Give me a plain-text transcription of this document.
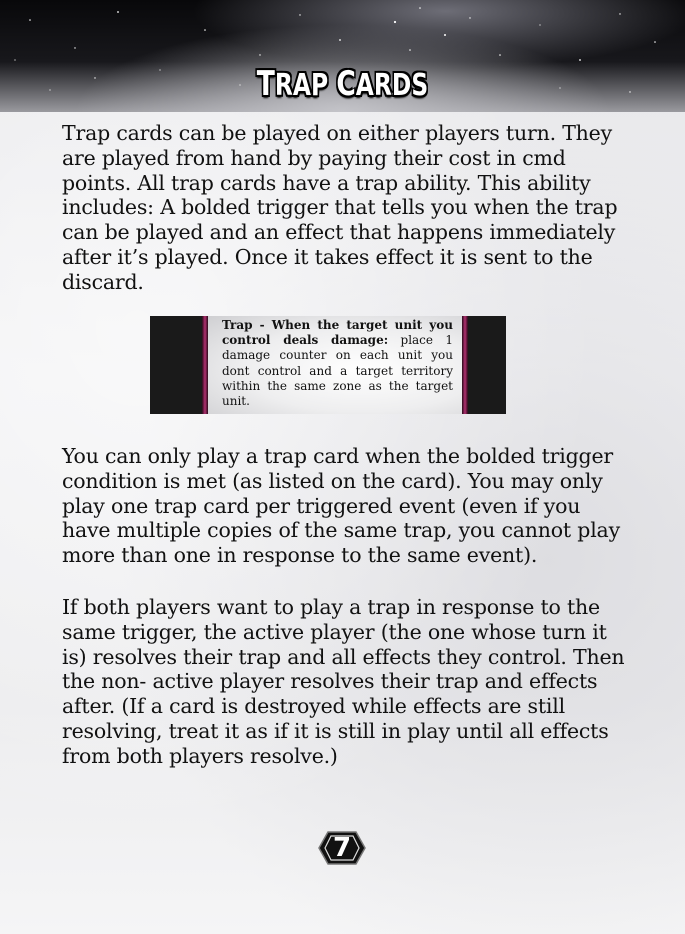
TRAP CARDS

Trap cards can be played on either players turn. They are played from hand by paying their cost in cmd points. All trap cards have a trap ability. This ability includes: A bolded trigger that tells you when the trap can be played and an effect that happens immediately after it’s played. Once it takes effect it is sent to the discard.

Trap - When the target unit you control deals damage: place 1 damage counter on each unit you dont control and a target territory within the same zone as the target unit.

You can only play a trap card when the bolded trigger condition is met (as listed on the card). You may only play one trap card per triggered event (even if you have multiple copies of the same trap, you cannot play more than one in response to the same event).

If both players want to play a trap in response to the same trigger, the active player (the one whose turn it is) resolves their trap and all effects they control. Then the non- active player resolves their trap and effects after. (If a card is destroyed while effects are still resolving, treat it as if it is still in play until all effects from both players resolve.)

7
